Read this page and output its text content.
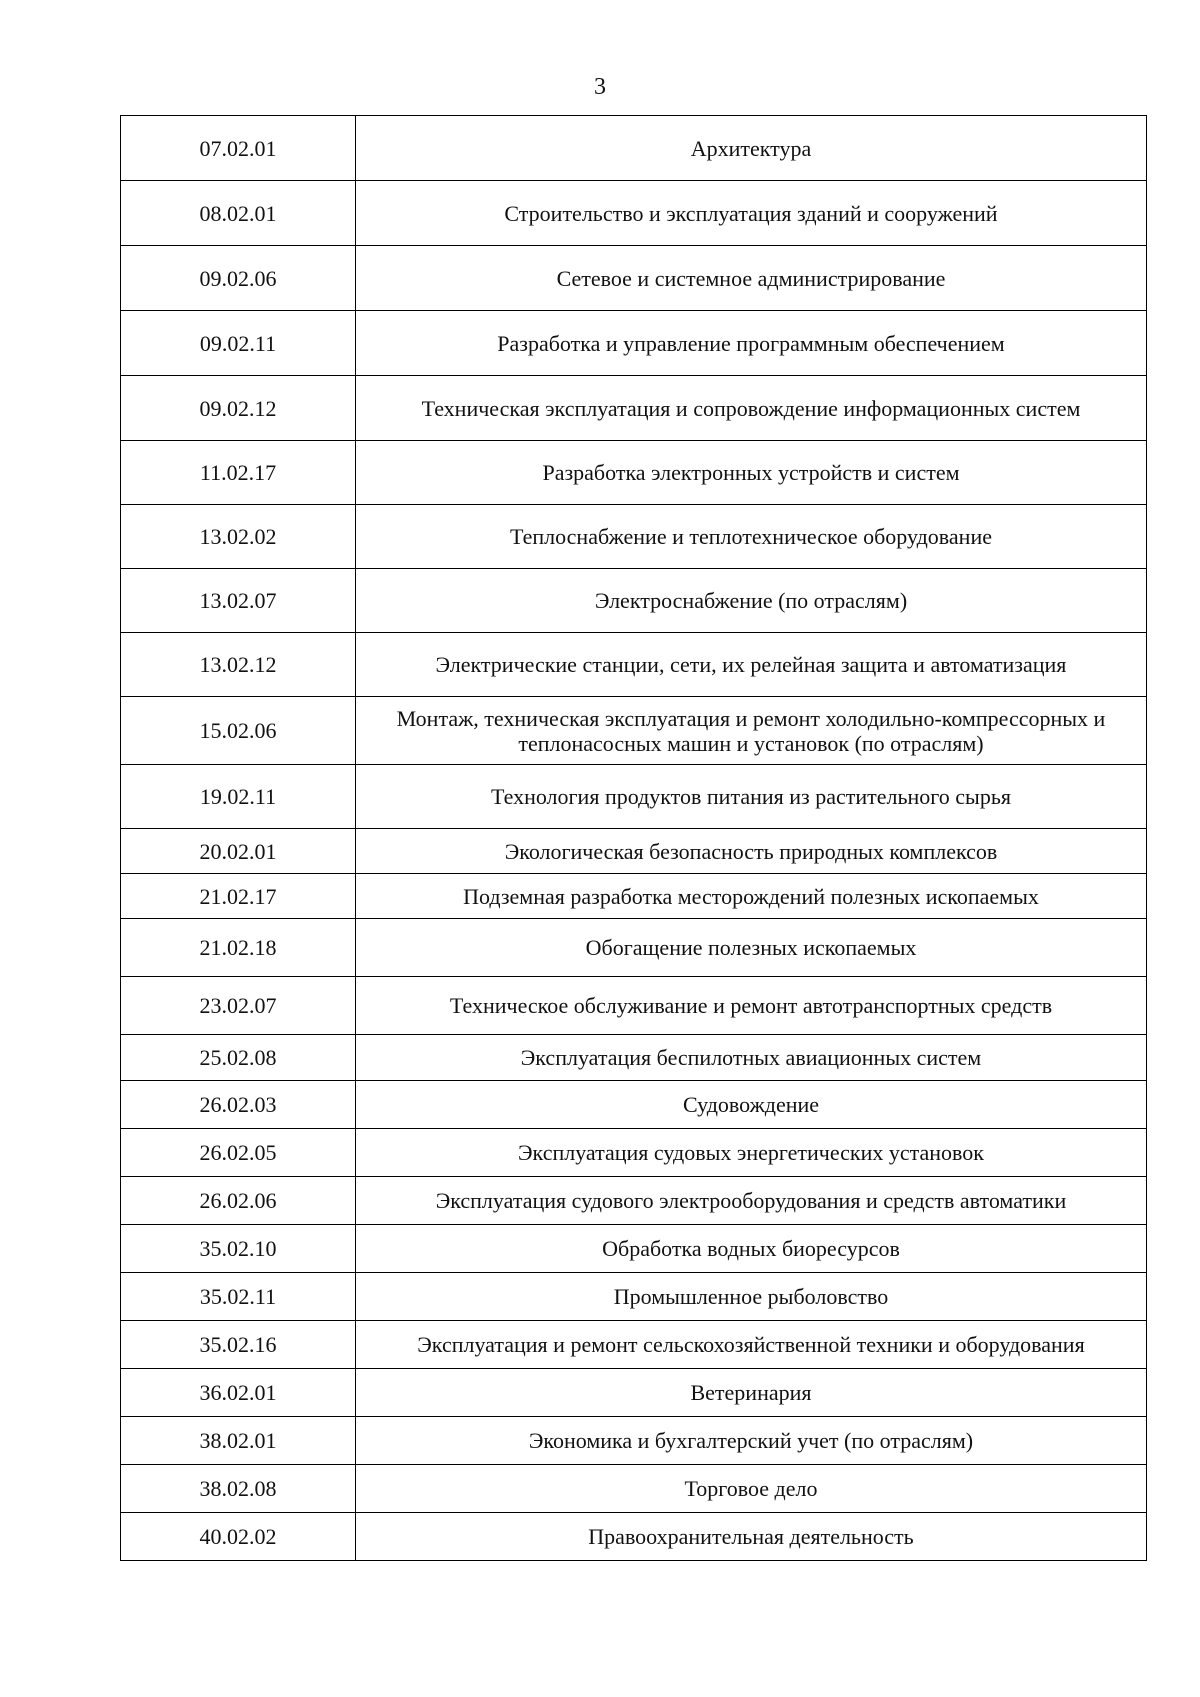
3
07.02.01	Архитектура
08.02.01	Строительство и эксплуатация зданий и сооружений
09.02.06	Сетевое и системное администрирование
09.02.11	Разработка и управление программным обеспечением
09.02.12	Техническая эксплуатация и сопровождение информационных систем
11.02.17	Разработка электронных устройств и систем
13.02.02	Теплоснабжение и теплотехническое оборудование
13.02.07	Электроснабжение (по отраслям)
13.02.12	Электрические станции, сети, их релейная защита и автоматизация
15.02.06	Монтаж, техническая эксплуатация и ремонт холодильно-компрессорных и теплонасосных машин и установок (по отраслям)
19.02.11	Технология продуктов питания из растительного сырья
20.02.01	Экологическая безопасность природных комплексов
21.02.17	Подземная разработка месторождений полезных ископаемых
21.02.18	Обогащение полезных ископаемых
23.02.07	Техническое обслуживание и ремонт автотранспортных средств
25.02.08	Эксплуатация беспилотных авиационных систем
26.02.03	Судовождение
26.02.05	Эксплуатация судовых энергетических установок
26.02.06	Эксплуатация судового электрооборудования и средств автоматики
35.02.10	Обработка водных биоресурсов
35.02.11	Промышленное рыболовство
35.02.16	Эксплуатация и ремонт сельскохозяйственной техники и оборудования
36.02.01	Ветеринария
38.02.01	Экономика и бухгалтерский учет (по отраслям)
38.02.08	Торговое дело
40.02.02	Правоохранительная деятельность
